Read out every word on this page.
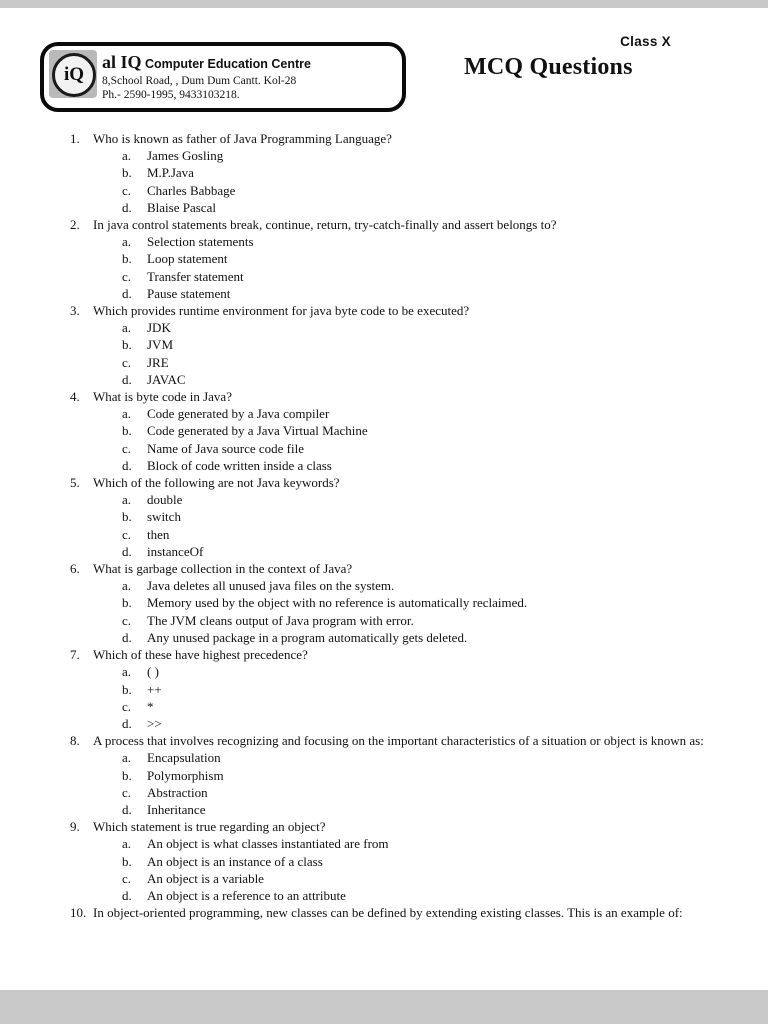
Class X
iQ
al IQ Computer Education Centre
8,School Road, , Dum Dum Cantt. Kol-28
Ph.- 2590-1995, 9433103218.
MCQ Questions
1.	Who is known as father of Java Programming Language?
a.	James Gosling
b.	M.P.Java
c.	Charles Babbage
d.	Blaise Pascal
2.	In java control statements break, continue, return, try-catch-finally and assert belongs to?
a.	Selection statements
b.	Loop statement
c.	Transfer statement
d.	Pause statement
3.	Which provides runtime environment for java byte code to be executed?
a.	JDK
b.	JVM
c.	JRE
d.	JAVAC
4.	What is byte code in Java?
a.	Code generated by a Java compiler
b.	Code generated by a Java Virtual Machine
c.	Name of Java source code file
d.	Block of code written inside a class
5.	Which of the following are not Java keywords?
a.	double
b.	switch
c.	then
d.	instanceOf
6.	What is garbage collection in the context of Java?
a.	Java deletes all unused java files on the system.
b.	Memory used by the object with no reference is automatically reclaimed.
c.	The JVM cleans output of Java program with error.
d.	Any unused package in a program automatically gets deleted.
7.	Which of these have highest precedence?
a.	( )
b.	++
c.	*
d.	>>
8.	A process that involves recognizing and focusing on the important characteristics of a situation or object is known as:
a.	Encapsulation
b.	Polymorphism
c.	Abstraction
d.	Inheritance
9.	Which statement is true regarding an object?
a.	An object is what classes instantiated are from
b.	An object is an instance of a class
c.	An object is a variable
d.	An object is a reference to an attribute
10. In object-oriented programming, new classes can be defined by extending existing classes. This is an example of:
